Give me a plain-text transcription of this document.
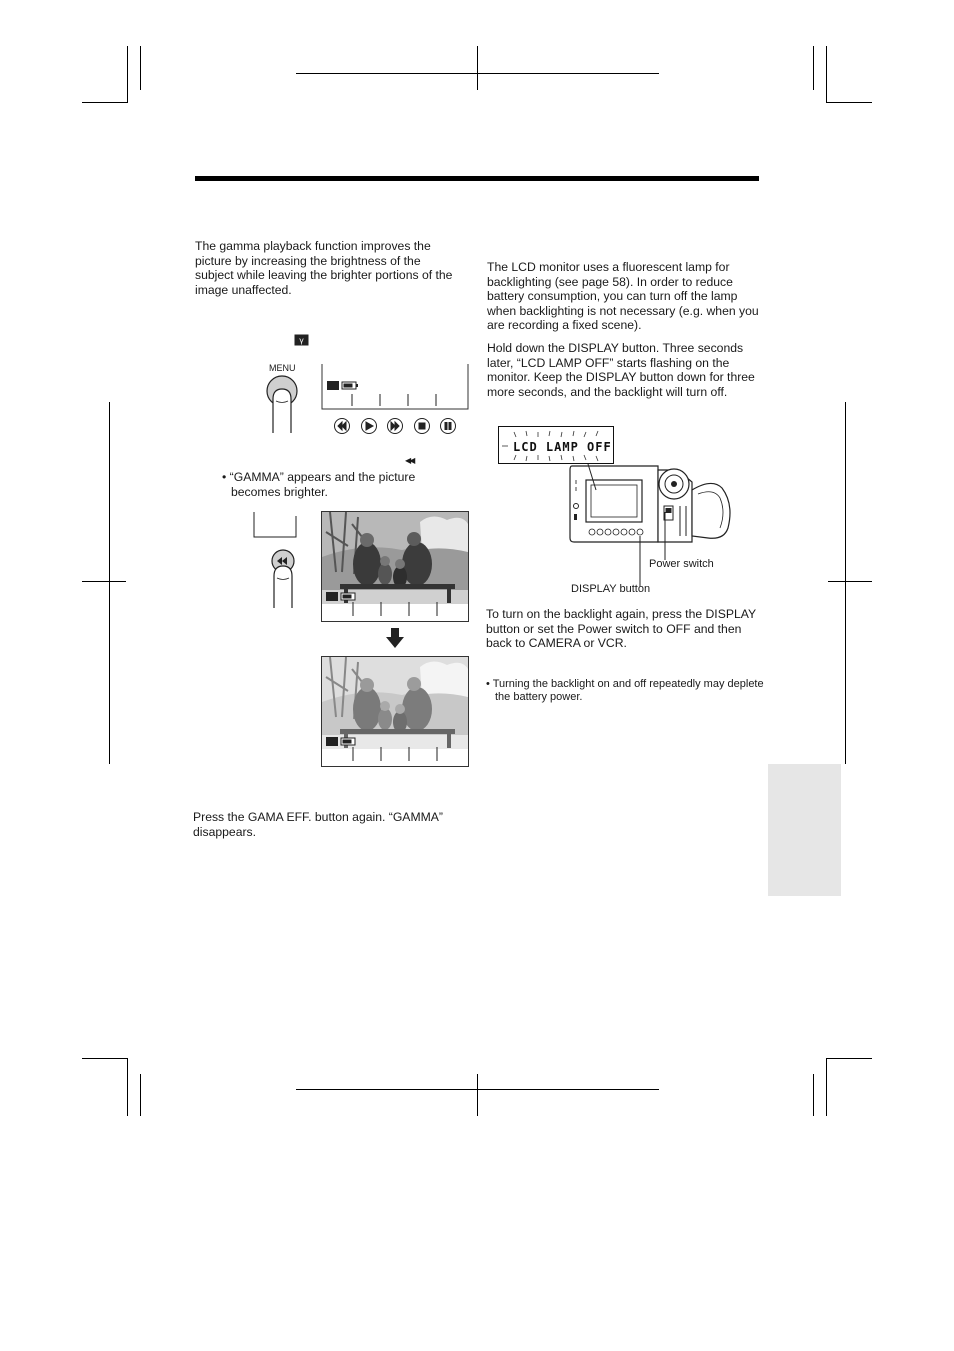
The gamma playback function improves the picture by increasing the brightness of the subject while leaving the brighter portions of the image unaffected.
γ
MENU
◀◀
• “GAMMA” appears and the picture becomes brighter.
Press the GAMA EFF. button again. “GAMMA” disappears.
The LCD monitor uses a fluorescent lamp for backlighting (see page 58). In order to reduce battery consumption, you can turn off the lamp when backlighting is not necessary (e.g. when you are recording a fixed scene).
Hold down the DISPLAY button. Three seconds later, “LCD LAMP OFF” starts flashing on the monitor. Keep the DISPLAY button down for three more seconds, and the backlight will turn off.
LCD LAMP OFF
Power switch
DISPLAY button
To turn on the backlight again, press the DISPLAY button or set the Power switch to OFF and then back to CAMERA or VCR.
• Turning the backlight on and off repeatedly may deplete the battery power.
